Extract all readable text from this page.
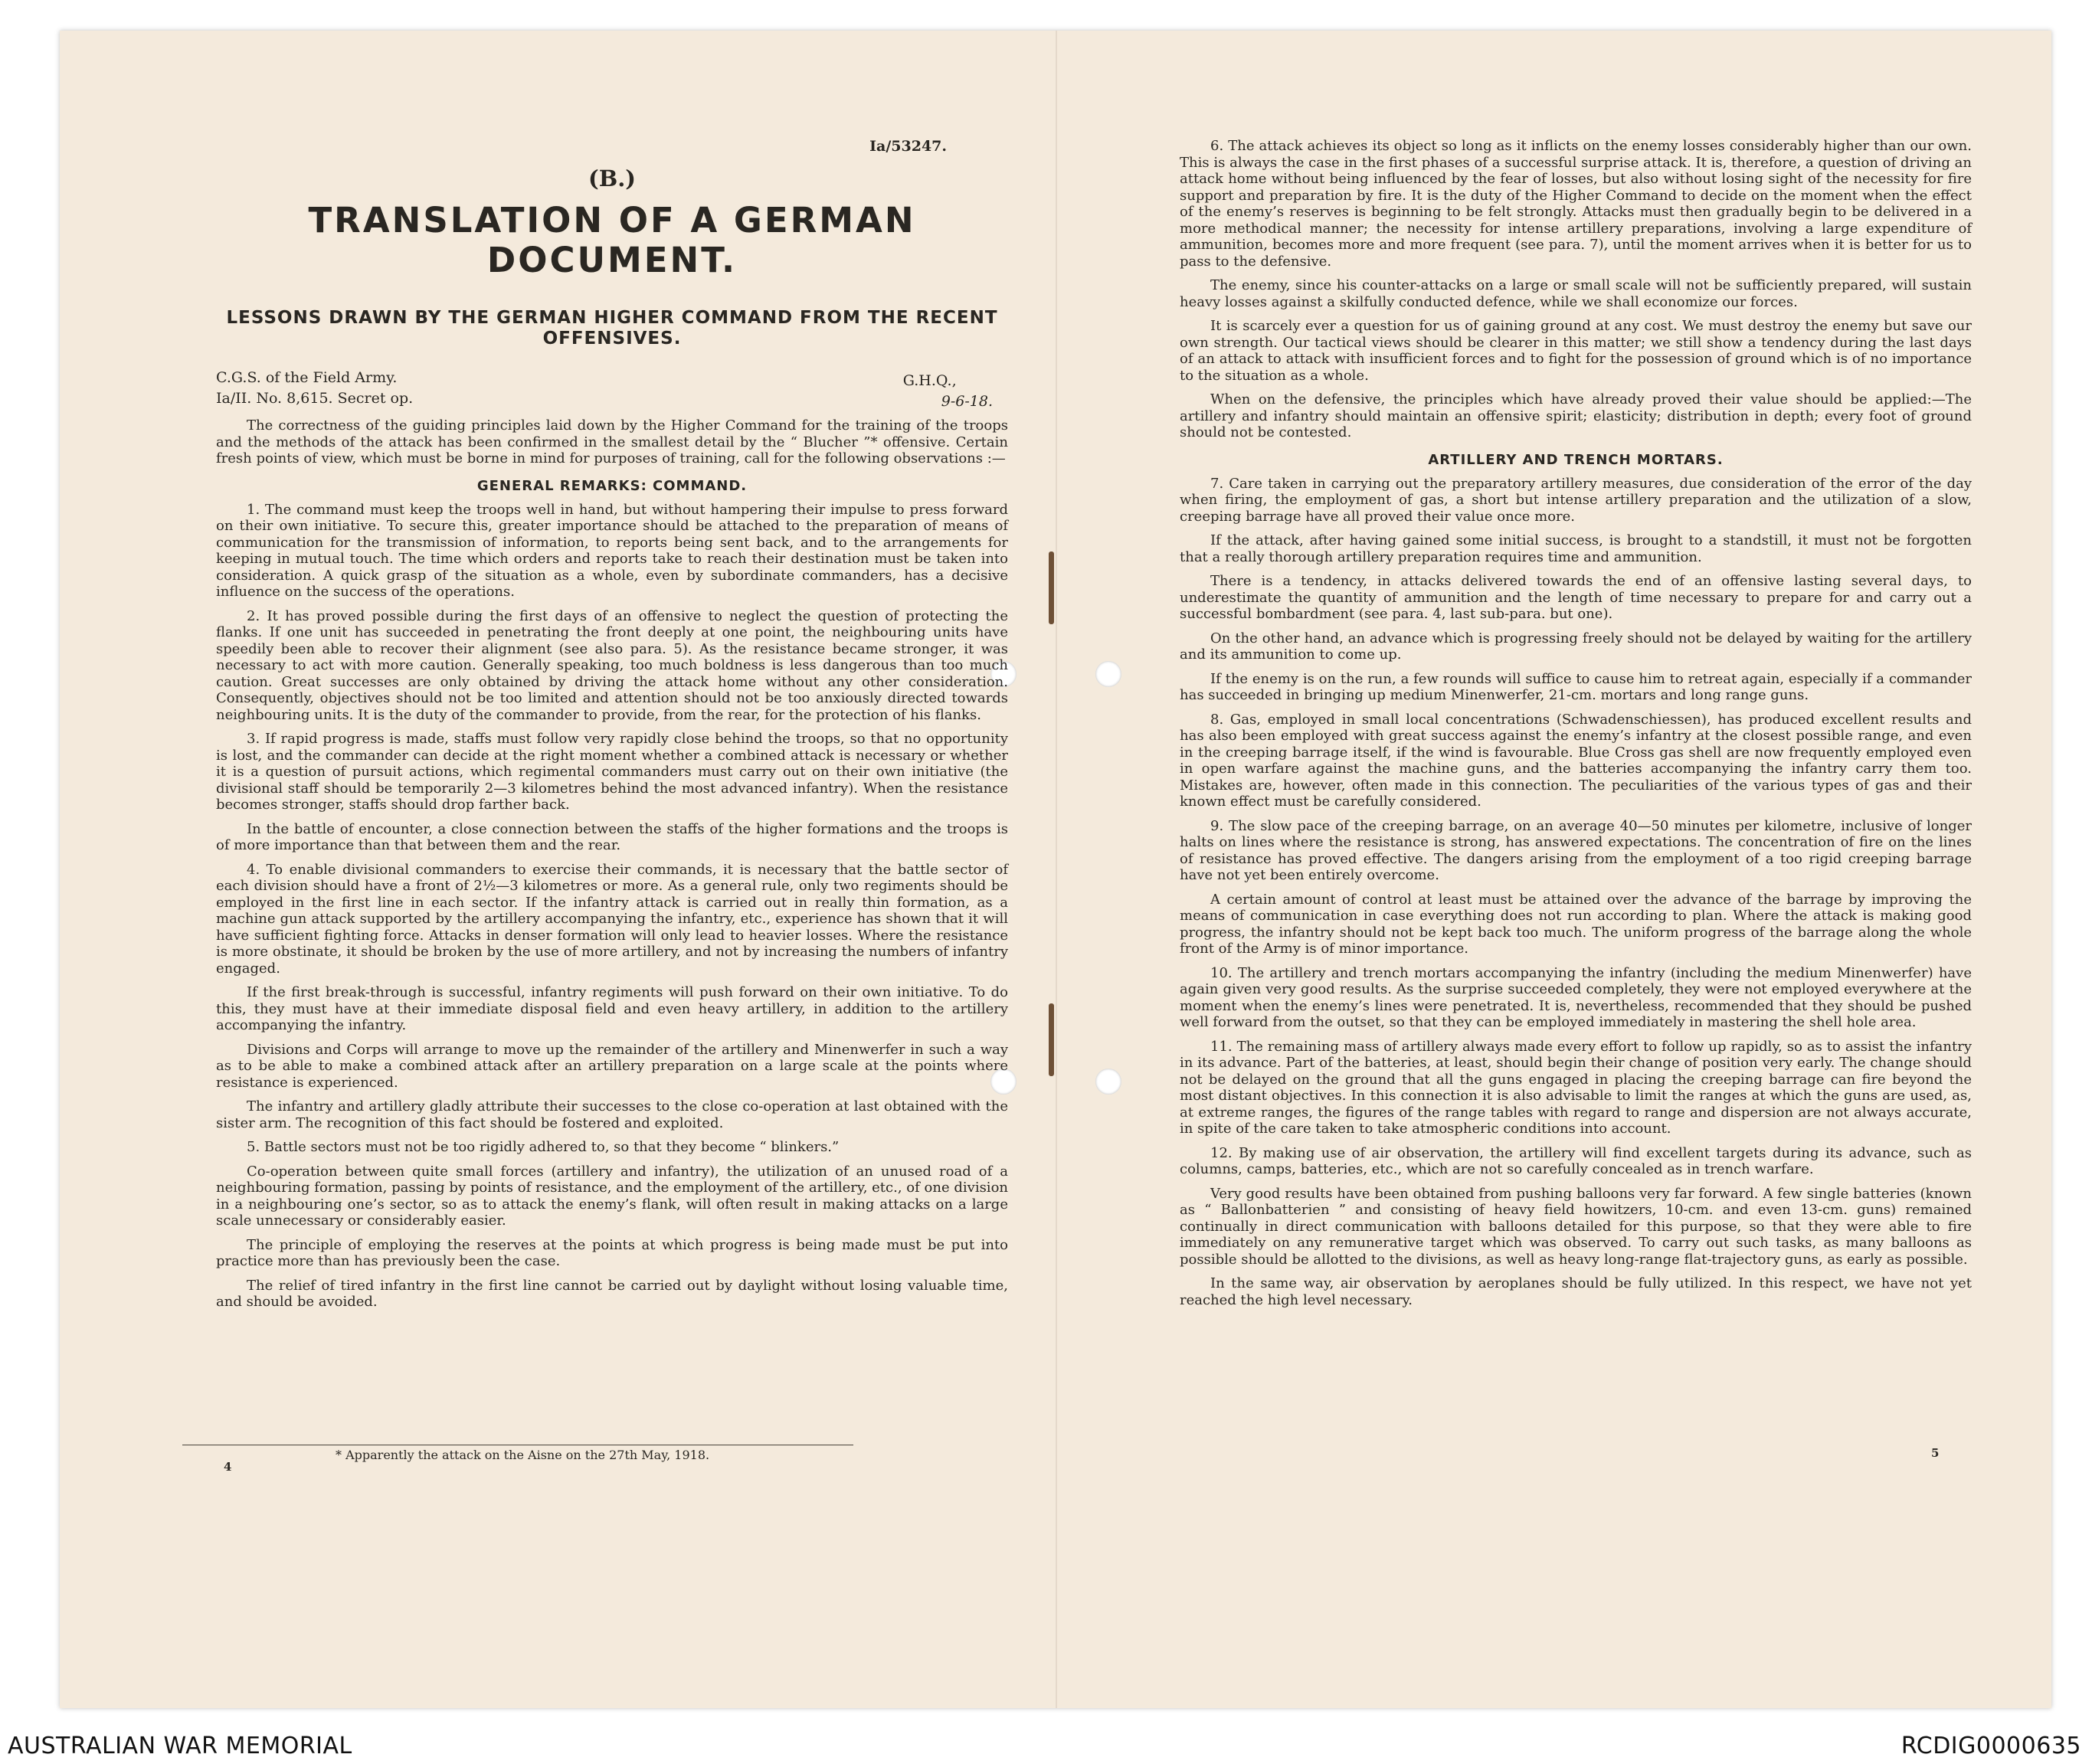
Ia/53247.
(B.)
TRANSLATION OF A GERMAN DOCUMENT.
LESSONS DRAWN BY THE GERMAN HIGHER COMMAND FROM THE RECENT OFFENSIVES.
C.G.S. of the Field Army.
Ia/II. No. 8,615. Secret op.
G.H.Q.,
9-6-18.

The correctness of the guiding principles laid down by the Higher Command for the training of the troops and the methods of the attack has been confirmed in the smallest detail by the “ Blucher ”* offensive. Certain fresh points of view, which must be borne in mind for purposes of training, call for the following observations :—

GENERAL REMARKS: COMMAND.

1. The command must keep the troops well in hand, but without hampering their impulse to press forward on their own initiative. To secure this, greater importance should be attached to the preparation of means of communication for the transmission of information, to reports being sent back, and to the arrangements for keeping in mutual touch. The time which orders and reports take to reach their destination must be taken into consideration. A quick grasp of the situation as a whole, even by subordinate commanders, has a decisive influence on the success of the operations.

2. It has proved possible during the first days of an offensive to neglect the question of protecting the flanks. If one unit has succeeded in penetrating the front deeply at one point, the neighbouring units have speedily been able to recover their alignment (see also para. 5). As the resistance became stronger, it was necessary to act with more caution. Generally speaking, too much boldness is less dangerous than too much caution. Great successes are only obtained by driving the attack home without any other consideration. Consequently, objectives should not be too limited and attention should not be too anxiously directed towards neighbouring units. It is the duty of the commander to provide, from the rear, for the protection of his flanks.

3. If rapid progress is made, staffs must follow very rapidly close behind the troops, so that no opportunity is lost, and the commander can decide at the right moment whether a combined attack is necessary or whether it is a question of pursuit actions, which regimental commanders must carry out on their own initiative (the divisional staff should be temporarily 2—3 kilometres behind the most advanced infantry). When the resistance becomes stronger, staffs should drop farther back.

In the battle of encounter, a close connection between the staffs of the higher formations and the troops is of more importance than that between them and the rear.

4. To enable divisional commanders to exercise their commands, it is necessary that the battle sector of each division should have a front of 2½—3 kilometres or more. As a general rule, only two regiments should be employed in the first line in each sector. If the infantry attack is carried out in really thin formation, as a machine gun attack supported by the artillery accompanying the infantry, etc., experience has shown that it will have sufficient fighting force. Attacks in denser formation will only lead to heavier losses. Where the resistance is more obstinate, it should be broken by the use of more artillery, and not by increasing the numbers of infantry engaged.

If the first break-through is successful, infantry regiments will push forward on their own initiative. To do this, they must have at their immediate disposal field and even heavy artillery, in addition to the artillery accompanying the infantry.

Divisions and Corps will arrange to move up the remainder of the artillery and Minenwerfer in such a way as to be able to make a combined attack after an artillery preparation on a large scale at the points where resistance is experienced.

The infantry and artillery gladly attribute their successes to the close co-operation at last obtained with the sister arm. The recognition of this fact should be fostered and exploited.

5. Battle sectors must not be too rigidly adhered to, so that they become “ blinkers.”

Co-operation between quite small forces (artillery and infantry), the utilization of an unused road of a neighbouring formation, passing by points of resistance, and the employment of the artillery, etc., of one division in a neighbouring one’s sector, so as to attack the enemy’s flank, will often result in making attacks on a large scale unnecessary or considerably easier.

The principle of employing the reserves at the points at which progress is being made must be put into practice more than has previously been the case.

The relief of tired infantry in the first line cannot be carried out by daylight without losing valuable time, and should be avoided.

* Apparently the attack on the Aisne on the 27th May, 1918.
4

6. The attack achieves its object so long as it inflicts on the enemy losses considerably higher than our own. This is always the case in the first phases of a successful surprise attack. It is, therefore, a question of driving an attack home without being influenced by the fear of losses, but also without losing sight of the necessity for fire support and preparation by fire. It is the duty of the Higher Command to decide on the moment when the effect of the enemy’s reserves is beginning to be felt strongly. Attacks must then gradually begin to be delivered in a more methodical manner; the necessity for intense artillery preparations, involving a large expenditure of ammunition, becomes more and more frequent (see para. 7), until the moment arrives when it is better for us to pass to the defensive.

The enemy, since his counter-attacks on a large or small scale will not be sufficiently prepared, will sustain heavy losses against a skilfully conducted defence, while we shall economize our forces.

It is scarcely ever a question for us of gaining ground at any cost. We must destroy the enemy but save our own strength. Our tactical views should be clearer in this matter; we still show a tendency during the last days of an attack to attack with insufficient forces and to fight for the possession of ground which is of no importance to the situation as a whole.

When on the defensive, the principles which have already proved their value should be applied:—The artillery and infantry should maintain an offensive spirit; elasticity; distribution in depth; every foot of ground should not be contested.

ARTILLERY AND TRENCH MORTARS.

7. Care taken in carrying out the preparatory artillery measures, due consideration of the error of the day when firing, the employment of gas, a short but intense artillery preparation and the utilization of a slow, creeping barrage have all proved their value once more.

If the attack, after having gained some initial success, is brought to a standstill, it must not be forgotten that a really thorough artillery preparation requires time and ammunition.

There is a tendency, in attacks delivered towards the end of an offensive lasting several days, to underestimate the quantity of ammunition and the length of time necessary to prepare for and carry out a successful bombardment (see para. 4, last sub-para. but one).

On the other hand, an advance which is progressing freely should not be delayed by waiting for the artillery and its ammunition to come up.

If the enemy is on the run, a few rounds will suffice to cause him to retreat again, especially if a commander has succeeded in bringing up medium Minenwerfer, 21-cm. mortars and long range guns.

8. Gas, employed in small local concentrations (Schwadenschiessen), has produced excellent results and has also been employed with great success against the enemy’s infantry at the closest possible range, and even in the creeping barrage itself, if the wind is favourable. Blue Cross gas shell are now frequently employed even in open warfare against the machine guns, and the batteries accompanying the infantry carry them too. Mistakes are, however, often made in this connection. The peculiarities of the various types of gas and their known effect must be carefully considered.

9. The slow pace of the creeping barrage, on an average 40—50 minutes per kilometre, inclusive of longer halts on lines where the resistance is strong, has answered expectations. The concentration of fire on the lines of resistance has proved effective. The dangers arising from the employment of a too rigid creeping barrage have not yet been entirely overcome.

A certain amount of control at least must be attained over the advance of the barrage by improving the means of communication in case everything does not run according to plan. Where the attack is making good progress, the infantry should not be kept back too much. The uniform progress of the barrage along the whole front of the Army is of minor importance.

10. The artillery and trench mortars accompanying the infantry (including the medium Minenwerfer) have again given very good results. As the surprise succeeded completely, they were not employed everywhere at the moment when the enemy’s lines were penetrated. It is, nevertheless, recommended that they should be pushed well forward from the outset, so that they can be employed immediately in mastering the shell hole area.

11. The remaining mass of artillery always made every effort to follow up rapidly, so as to assist the infantry in its advance. Part of the batteries, at least, should begin their change of position very early. The change should not be delayed on the ground that all the guns engaged in placing the creeping barrage can fire beyond the most distant objectives. In this connection it is also advisable to limit the ranges at which the guns are used, as, at extreme ranges, the figures of the range tables with regard to range and dispersion are not always accurate, in spite of the care taken to take atmospheric conditions into account.

12. By making use of air observation, the artillery will find excellent targets during its advance, such as columns, camps, batteries, etc., which are not so carefully concealed as in trench warfare.

Very good results have been obtained from pushing balloons very far forward. A few single batteries (known as “ Ballonbatterien ” and consisting of heavy field howitzers, 10-cm. and even 13-cm. guns) remained continually in direct communication with balloons detailed for this purpose, so that they were able to fire immediately on any remunerative target which was observed. To carry out such tasks, as many balloons as possible should be allotted to the divisions, as well as heavy long-range flat-trajectory guns, as early as possible.

In the same way, air observation by aeroplanes should be fully utilized. In this respect, we have not yet reached the high level necessary.

5
AUSTRALIAN WAR MEMORIAL	RCDIG0000635
